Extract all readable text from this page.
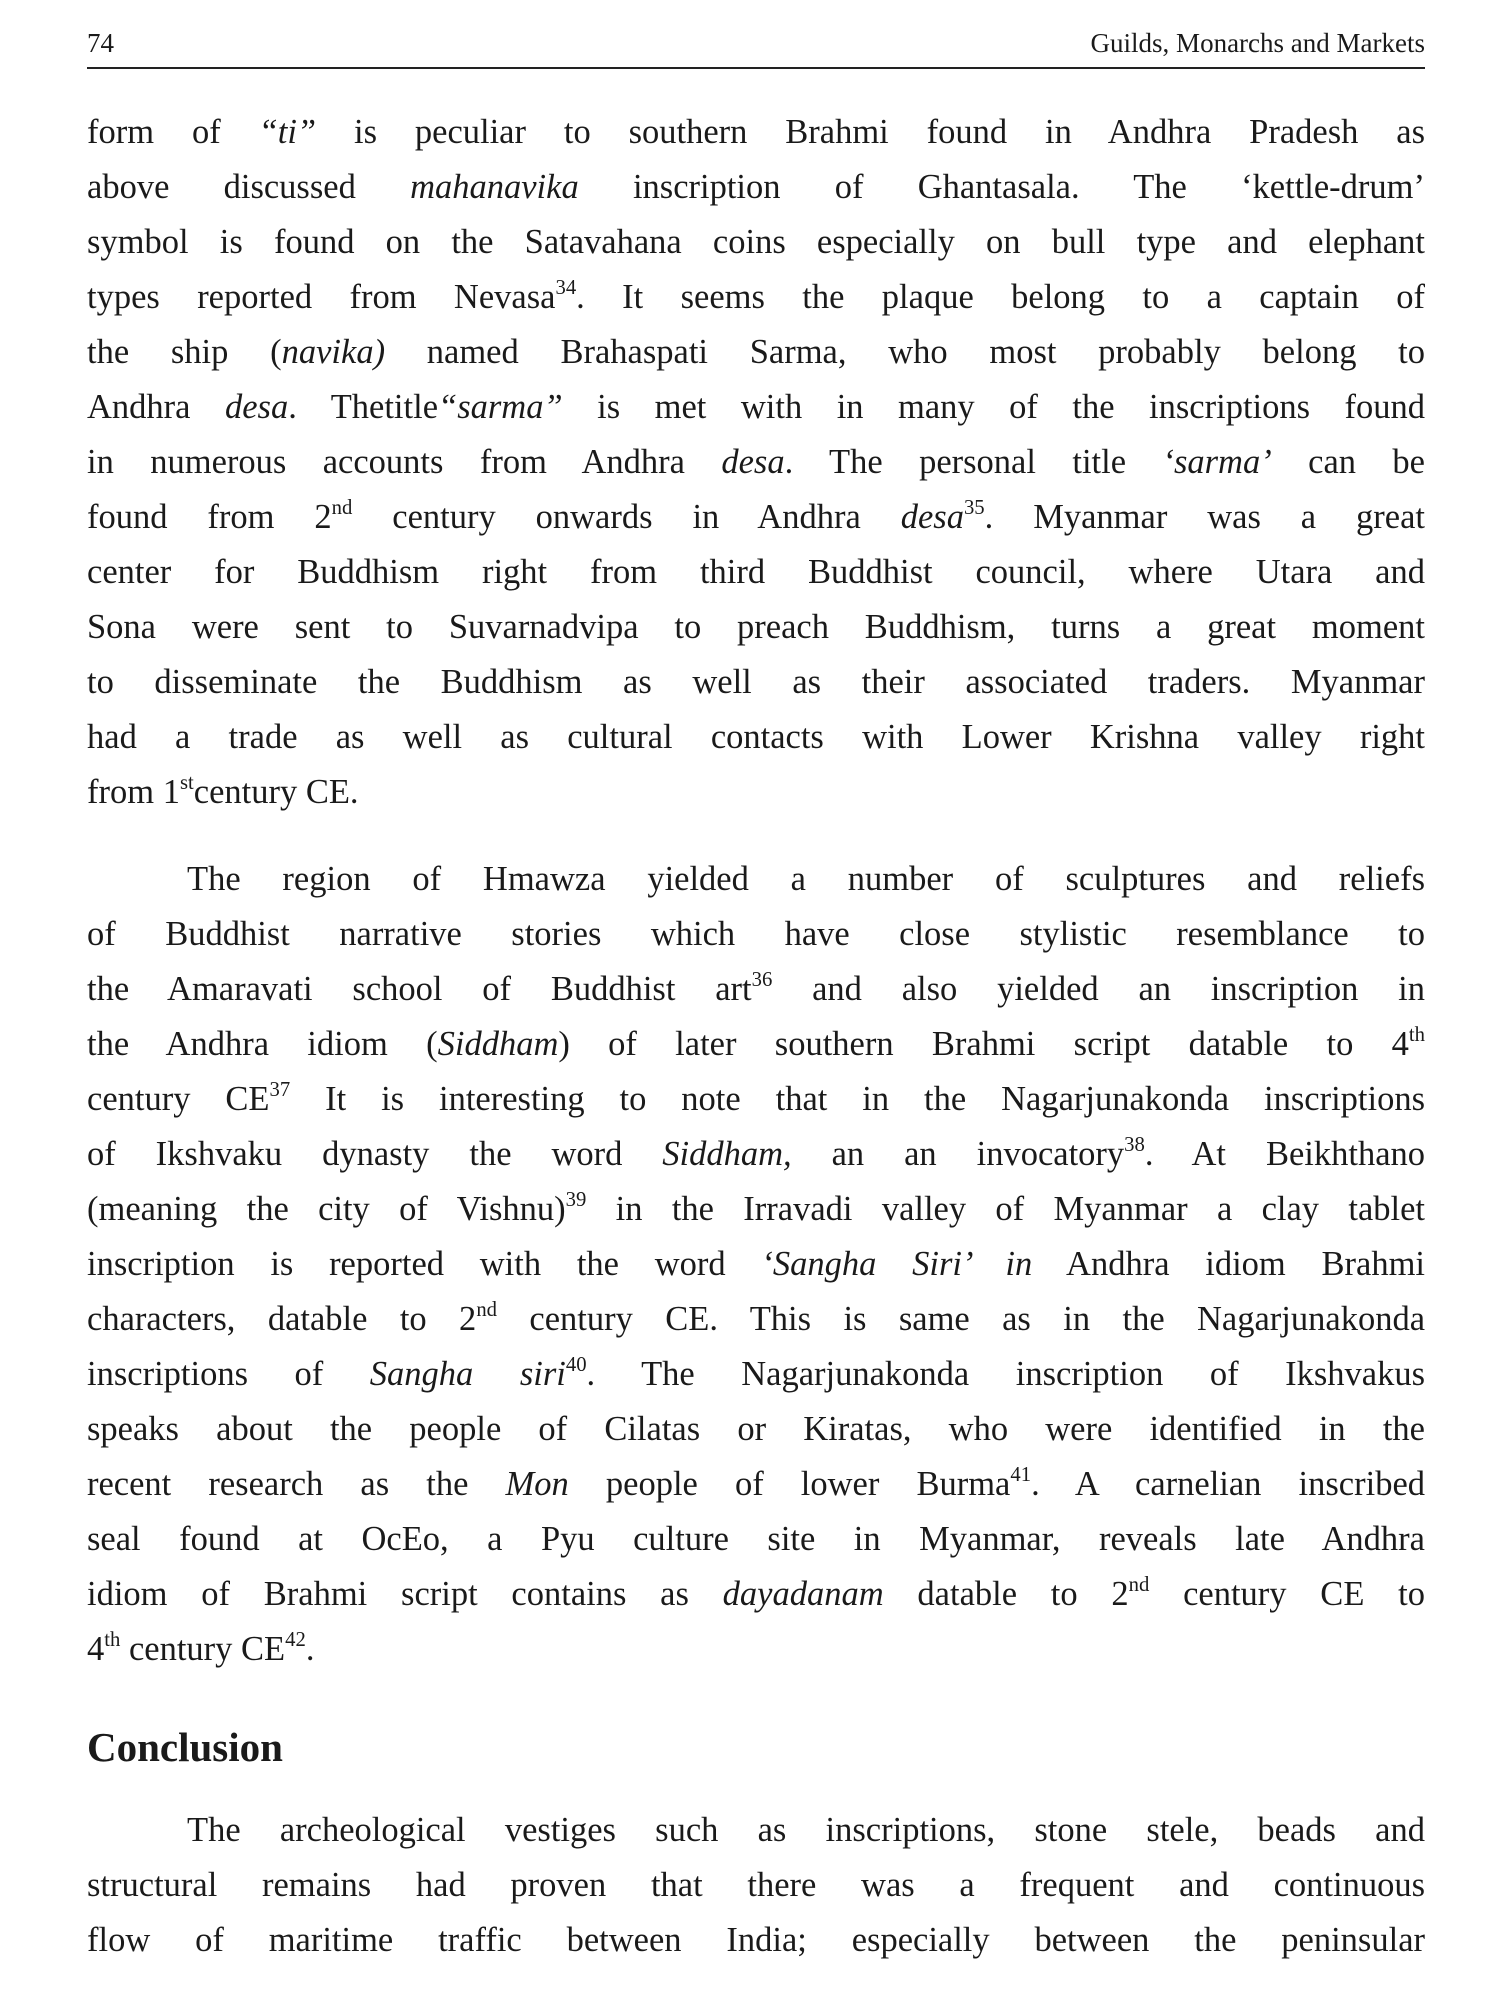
74	Guilds, Monarchs and Markets
form of “ti” is peculiar to southern Brahmi found in Andhra Pradesh as
above discussed mahanavika inscription of Ghantasala. The ‘kettle-drum’
symbol is found on the Satavahana coins especially on bull type and elephant
types reported from Nevasa$^{34}$. It seems the plaque belong to a captain of
the ship (navika) named Brahaspati Sarma, who most probably belong to
Andhra desa. Thetitle“sarma” is met with in many of the inscriptions found
in numerous accounts from Andhra desa. The personal title ‘sarma’ can be
found from 2nd century onwards in Andhra desa$^{35}$. Myanmar was a great
center for Buddhism right from third Buddhist council, where Utara and
Sona were sent to Suvarnadvipa to preach Buddhism, turns a great moment
to disseminate the Buddhism as well as their associated traders. Myanmar
had a trade as well as cultural contacts with Lower Krishna valley right
from 1stcentury CE.
The region of Hmawza yielded a number of sculptures and reliefs
of Buddhist narrative stories which have close stylistic resemblance to
the Amaravati school of Buddhist art$^{36}$ and also yielded an inscription in
the Andhra idiom (Siddham) of later southern Brahmi script datable to 4th
century CE$^{37}$ It is interesting to note that in the Nagarjunakonda inscriptions
of Ikshvaku dynasty the word Siddham, an an invocatory$^{38}$. At Beikhthano
(meaning the city of Vishnu)$^{39}$ in the Irravadi valley of Myanmar a clay tablet
inscription is reported with the word ‘Sangha Siri’ in Andhra idiom Brahmi
characters, datable to 2nd century CE. This is same as in the Nagarjunakonda
inscriptions of Sangha siri$^{40}$. The Nagarjunakonda inscription of Ikshvakus
speaks about the people of Cilatas or Kiratas, who were identified in the
recent research as the Mon people of lower Burma$^{41}$. A carnelian inscribed
seal found at OcEo, a Pyu culture site in Myanmar, reveals late Andhra
idiom of Brahmi script contains as dayadanam datable to 2nd century CE to
4th century CE$^{42}$.
Conclusion
The archeological vestiges such as inscriptions, stone stele, beads and
structural remains had proven that there was a frequent and continuous
flow of maritime traffic between India; especially between the peninsular
